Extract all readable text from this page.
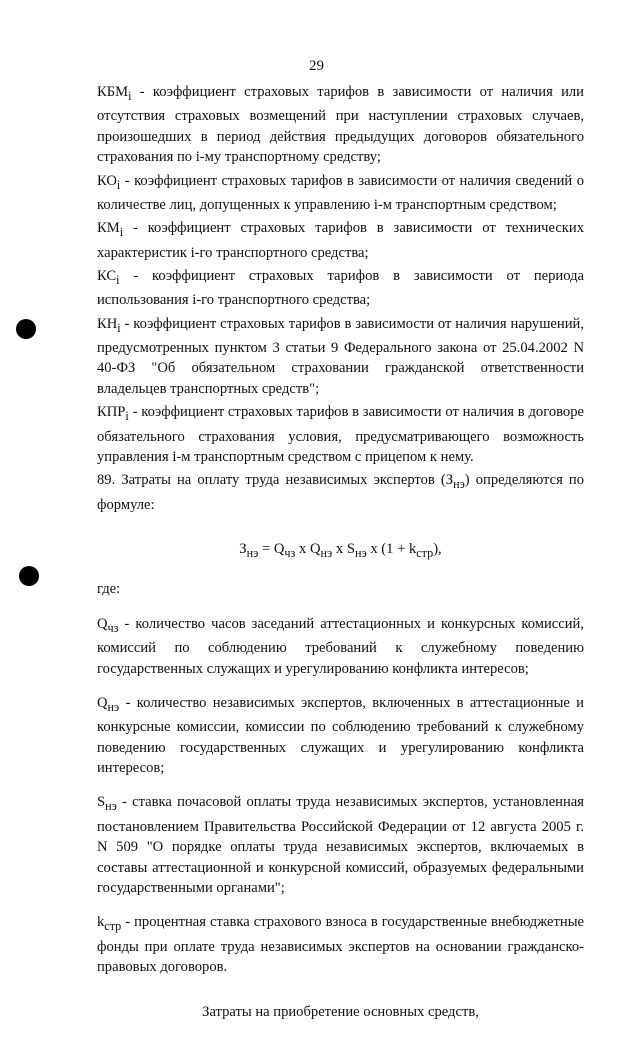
29

$КБМ_i$ - коэффициент страховых тарифов в зависимости от наличия или отсутствия страховых возмещений при наступлении страховых случаев, произошедших в период действия предыдущих договоров обязательного страхования по i-му транспортному средству;

$КО_i$ - коэффициент страховых тарифов в зависимости от наличия сведений о количестве лиц, допущенных к управлению i-м транспортным средством;

$КМ_i$ - коэффициент страховых тарифов в зависимости от технических характеристик i-го транспортного средства;

$КС_i$ - коэффициент страховых тарифов в зависимости от периода использования i-го транспортного средства;

$КН_i$ - коэффициент страховых тарифов в зависимости от наличия нарушений, предусмотренных пунктом 3 статьи 9 Федерального закона от 25.04.2002 N 40-ФЗ "Об обязательном страховании гражданской ответственности владельцев транспортных средств";

$КПР_i$ - коэффициент страховых тарифов в зависимости от наличия в договоре обязательного страхования условия, предусматривающего возможность управления i-м транспортным средством с прицепом к нему.

89. Затраты на оплату труда независимых экспертов $(З_{нэ})$ определяются по формуле:

$З_{нэ} = Q_{чз}$ x $Q_{нэ}$ x $S_{нэ}$ x $(1 + k_{стр})$,

где:

$Q_{чз}$ - количество часов заседаний аттестационных и конкурсных комиссий, комиссий по соблюдению требований к служебному поведению государственных служащих и урегулированию конфликта интересов;

$Q_{нэ}$ - количество независимых экспертов, включенных в аттестационные и конкурсные комиссии, комиссии по соблюдению требований к служебному поведению государственных служащих и урегулированию конфликта интересов;

$S_{нэ}$ - ставка почасовой оплаты труда независимых экспертов, установленная постановлением Правительства Российской Федерации от 12 августа 2005 г. N 509 "О порядке оплаты труда независимых экспертов, включаемых в составы аттестационной и конкурсной комиссий, образуемых федеральными государственными органами";

$k_{стр}$ - процентная ставка страхового взноса в государственные внебюджетные фонды при оплате труда независимых экспертов на основании гражданско-правовых договоров.

Затраты на приобретение основных средств,
